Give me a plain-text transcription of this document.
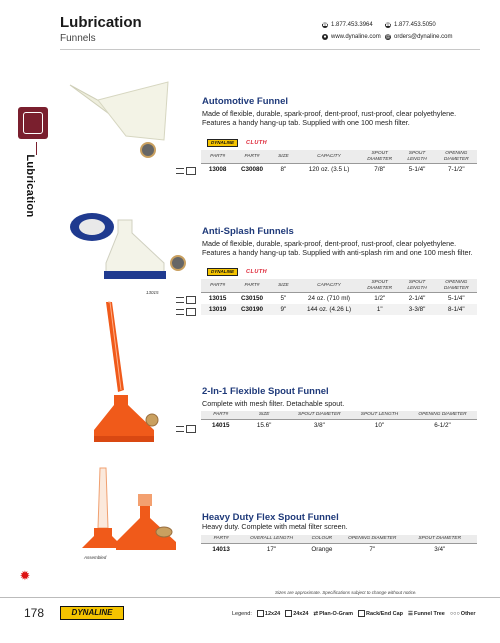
Lubrication
Funnels
☎ 1.877.453.3964 ☎ 1.877.453.5050
● www.dynaline.com @ orders@dynaline.com
Lubrication
Automotive Funnel
Made of flexible, durable, spark-proof, dent-proof, rust-proof, clear polyethylene. Features a handy hang-up tab. Supplied with one 100 mesh filter.
DYNALINE	CLUTH
PART#	PART#	SIZE	CAPACITY	SPOUT DIAMETER	SPOUT LENGTH	OPENING DIAMETER
13008	C30080	8"	120 oz. (3.5 L)	7/8"	5-1/4"	7-1/2"
13015
Anti-Splash Funnels
Made of flexible, durable, spark-proof, dent-proof, rust-proof, clear polyethylene. Features a handy hang-up tab. Supplied with anti-splash rim and one 100 mesh filter.
DYNALINE	CLUTH
PART#	PART#	SIZE	CAPACITY	SPOUT DIAMETER	SPOUT LENGTH	OPENING DIAMETER
13015	C30150	5"	24 oz. (710 ml)	1/2"	2-1/4"	5-1/4"
13019	C30190	9"	144 oz. (4.26 L)	1"	3-3/8"	8-1/4"
2-In-1 Flexible Spout Funnel
Complete with mesh filter. Detachable spout.
PART#	SIZE	SPOUT DIAMETER	SPOUT LENGTH	OPENING DIAMETER
14015	15.6"	3/8"	10"	6-1/2"
Assembled
Heavy Duty Flex Spout Funnel
Heavy duty. Complete with metal filter screen.
PART#	OVERALL LENGTH	COLOUR	OPENING DIAMETER	SPOUT DIAMETER
14013	17"	Orange	7"	3/4"
✹
Sizes are approximate. Specifications subject to change without notice.
178	DYNALINE	Legend: 12x24 24x24 ⇄ Plan-O-Gram Rack/End Cap ☰ Funnel Tree ○○○ Other
